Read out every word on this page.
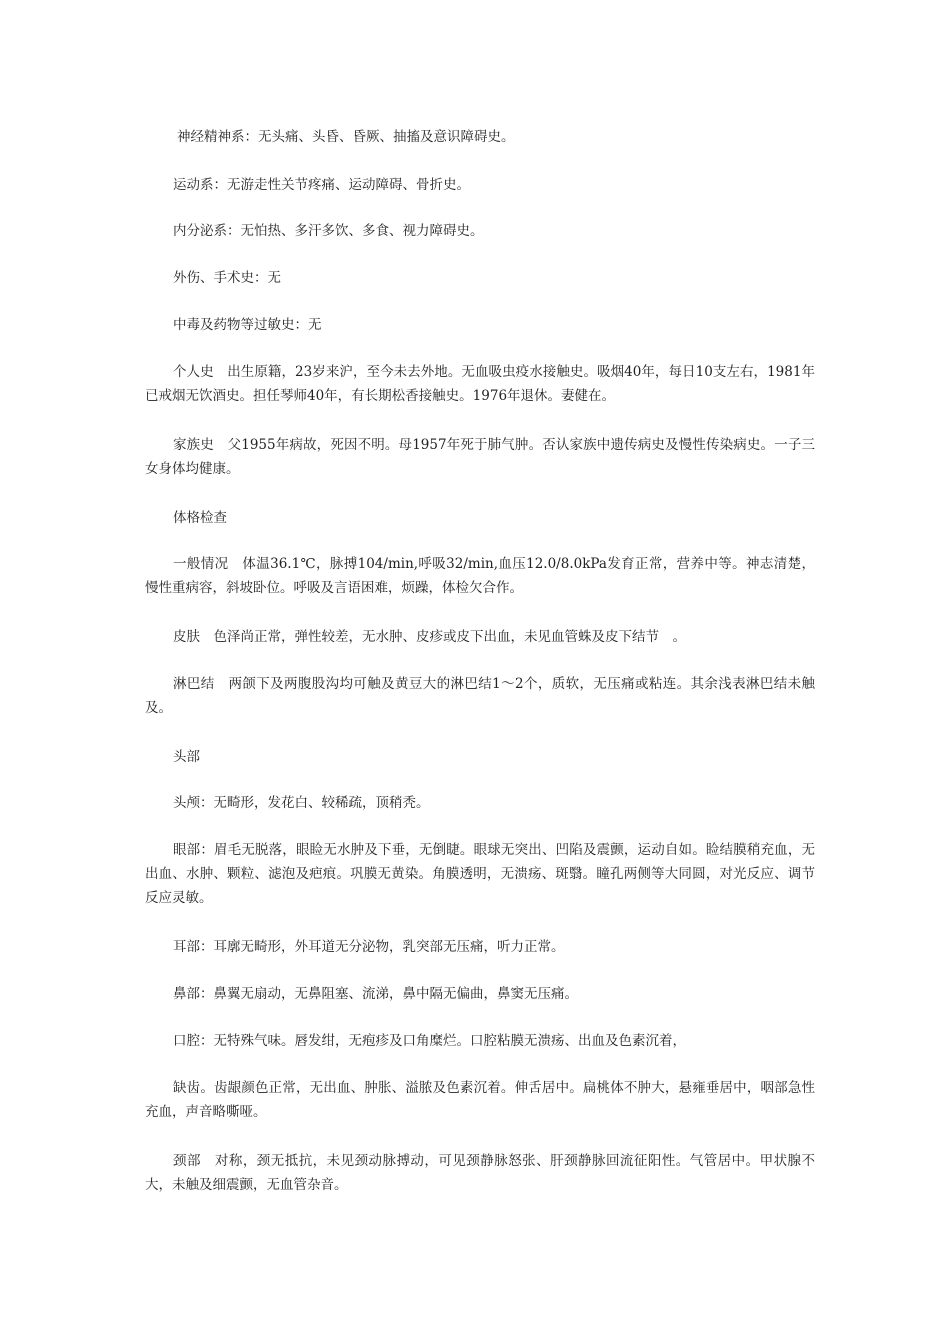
神经精神系：无头痛、头昏、昏厥、抽搐及意识障碍史。

运动系：无游走性关节疼痛、运动障碍、骨折史。

内分泌系：无怕热、多汗多饮、多食、视力障碍史。

外伤、手术史：无

中毒及药物等过敏史：无

个人史　出生原籍，23岁来沪，至今未去外地。无血吸虫疫水接触史。吸烟40年，每日10支左右，1981年已戒烟无饮酒史。担任琴师40年，有长期松香接触史。1976年退休。妻健在。

家族史　父1955年病故，死因不明。母1957年死于肺气肿。否认家族中遗传病史及慢性传染病史。一子三女身体均健康。

体格检查

一般情况　体温36.1℃，脉搏104/min,呼吸32/min,血压12.0/8.0kPa发育正常，营养中等。神志清楚，慢性重病容，斜坡卧位。呼吸及言语困难，烦躁，体检欠合作。

皮肤　色泽尚正常，弹性较差，无水肿、皮疹或皮下出血，未见血管蛛及皮下结节　。

淋巴结　两颌下及两腹股沟均可触及黄豆大的淋巴结1～2个，质软，无压痛或粘连。其余浅表淋巴结未触及。

头部

头颅：无畸形，发花白、较稀疏，顶稍秃。

眼部：眉毛无脱落，眼睑无水肿及下垂，无倒睫。眼球无突出、凹陷及震颤，运动自如。睑结膜稍充血，无出血、水肿、颗粒、滤泡及疤痕。巩膜无黄染。角膜透明，无溃疡、斑翳。瞳孔两侧等大同圆，对光反应、调节反应灵敏。

耳部：耳廓无畸形，外耳道无分泌物，乳突部无压痛，听力正常。

鼻部：鼻翼无扇动，无鼻阻塞、流涕，鼻中隔无偏曲，鼻窦无压痛。

口腔：无特殊气味。唇发绀，无疱疹及口角糜烂。口腔粘膜无溃疡、出血及色素沉着，

缺齿。齿龈颜色正常，无出血、肿胀、溢脓及色素沉着。伸舌居中。扁桃体不肿大，悬雍垂居中，咽部急性充血，声音略嘶哑。

颈部　对称，颈无抵抗，未见颈动脉搏动，可见颈静脉怒张、肝颈静脉回流征阳性。气管居中。甲状腺不大，未触及细震颤，无血管杂音。
